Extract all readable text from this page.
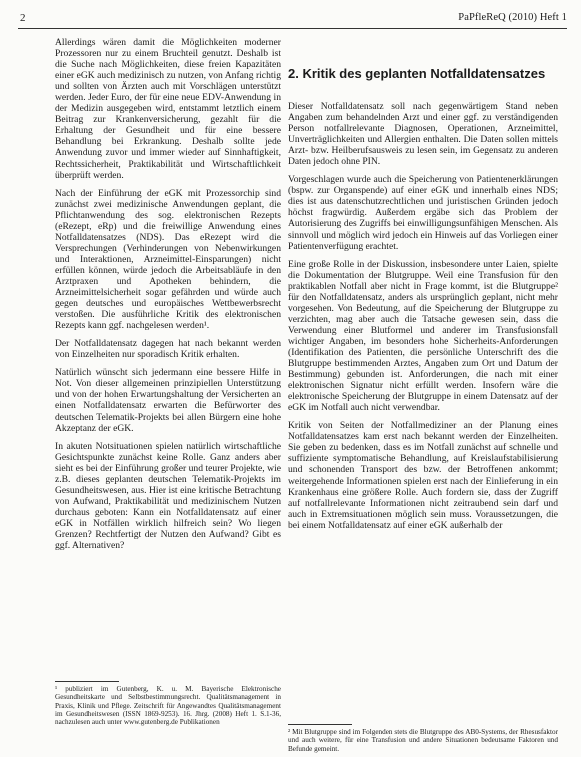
2	PaPfleReQ (2010) Heft 1

Allerdings wären damit die Möglichkeiten moderner Prozessoren nur zu einem Bruchteil genutzt. Deshalb ist die Suche nach Möglichkeiten, diese freien Kapazitäten einer eGK auch medizinisch zu nutzen, von Anfang richtig und sollten von Ärzten auch mit Vorschlägen unterstützt werden. Jeder Euro, der für eine neue EDV-Anwendung in der Medizin ausgegeben wird, entstammt letztlich einem Beitrag zur Krankenversicherung, gezahlt für die Erhaltung der Gesundheit und für eine bessere Behandlung bei Erkrankung. Deshalb sollte jede Anwendung zuvor und immer wieder auf Sinnhaftigkeit, Rechtssicherheit, Praktikabilität und Wirtschaftlichkeit überprüft werden.

Nach der Einführung der eGK mit Prozessorchip sind zunächst zwei medizinische Anwendungen geplant, die Pflichtanwendung des sog. elektronischen Rezepts (eRezept, eRp) und die freiwillige Anwendung eines Notfalldatensatzes (NDS). Das eRezept wird die Versprechungen (Verhinderungen von Nebenwirkungen und Interaktionen, Arzneimittel-Einsparungen) nicht erfüllen können, würde jedoch die Arbeitsabläufe in den Arztpraxen und Apotheken behindern, die Arzneimittelsicherheit sogar gefährden und würde auch gegen deutsches und europäisches Wettbewerbsrecht verstoßen. Die ausführliche Kritik des elektronischen Rezepts kann ggf. nachgelesen werden¹.

Der Notfalldatensatz dagegen hat nach bekannt werden von Einzelheiten nur sporadisch Kritik erhalten.

Natürlich wünscht sich jedermann eine bessere Hilfe in Not. Von dieser allgemeinen prinzipiellen Unterstützung und von der hohen Erwartungshaltung der Versicherten an einen Notfalldatensatz erwarten die Befürworter des deutschen Telematik-Projekts bei allen Bürgern eine hohe Akzeptanz der eGK.

In akuten Notsituationen spielen natürlich wirtschaftliche Gesichtspunkte zunächst keine Rolle. Ganz anders aber sieht es bei der Einführung großer und teurer Projekte, wie z.B. dieses geplanten deutschen Telematik-Projekts im Gesundheitswesen, aus. Hier ist eine kritische Betrachtung von Aufwand, Praktikabilität und medizinischem Nutzen durchaus geboten: Kann ein Notfalldatensatz auf einer eGK in Notfällen wirklich hilfreich sein? Wo liegen Grenzen? Rechtfertigt der Nutzen den Aufwand? Gibt es ggf. Alternativen?

¹ publiziert im Gutenberg, K. u. M. Bayerische Elektronische Gesundheitskarte und Selbstbestimmungsrecht. Qualitätsmanagement in Praxis, Klinik und Pflege. Zeitschrift für Angewandtes Qualitätsmanagement im Gesundheitswesen (ISSN 1869-9253). 16. Jhrg. (2008) Heft 1. S.1-36, nachzulesen auch unter www.gutenberg.de Publikationen

2. Kritik des geplanten Notfalldatensatzes

Dieser Notfalldatensatz soll nach gegenwärtigem Stand neben Angaben zum behandelnden Arzt und einer ggf. zu verständigenden Person notfallrelevante Diagnosen, Operationen, Arzneimittel, Unverträglichkeiten und Allergien enthalten. Die Daten sollen mittels Arzt- bzw. Heilberufsausweis zu lesen sein, im Gegensatz zu anderen Daten jedoch ohne PIN.

Vorgeschlagen wurde auch die Speicherung von Patientenerklärungen (bspw. zur Organspende) auf einer eGK und innerhalb eines NDS; dies ist aus datenschutzrechtlichen und juristischen Gründen jedoch höchst fragwürdig. Außerdem ergäbe sich das Problem der Autorisierung des Zugriffs bei einwilligungsunfähigen Menschen. Als sinnvoll und möglich wird jedoch ein Hinweis auf das Vorliegen einer Patientenverfügung erachtet.

Eine große Rolle in der Diskussion, insbesondere unter Laien, spielte die Dokumentation der Blutgruppe. Weil eine Transfusion für den praktikablen Notfall aber nicht in Frage kommt, ist die Blutgruppe² für den Notfalldatensatz, anders als ursprünglich geplant, nicht mehr vorgesehen. Von Bedeutung, auf die Speicherung der Blutgruppe zu verzichten, mag aber auch die Tatsache gewesen sein, dass die Verwendung einer Blutformel und anderer im Transfusionsfall wichtiger Angaben, im besonders hohe Sicherheits-Anforderungen (Identifikation des Patienten, die persönliche Unterschrift des die Blutgruppe bestimmenden Arztes, Angaben zum Ort und Datum der Bestimmung) gebunden ist. Anforderungen, die nach mit einer elektronischen Signatur nicht erfüllt werden. Insofern wäre die elektronische Speicherung der Blutgruppe in einem Datensatz auf der eGK im Notfall auch nicht verwendbar.

Kritik von Seiten der Notfallmediziner an der Planung eines Notfalldatensatzes kam erst nach bekannt werden der Einzelheiten. Sie geben zu bedenken, dass es im Notfall zunächst auf schnelle und suffiziente symptomatische Behandlung, auf Kreislaufstabilisierung und schonenden Transport des bzw. der Betroffenen ankommt; weitergehende Informationen spielen erst nach der Einlieferung in ein Krankenhaus eine größere Rolle. Auch fordern sie, dass der Zugriff auf notfallrelevante Informationen nicht zeitraubend sein darf und auch in Extremsituationen möglich sein muss. Voraussetzungen, die bei einem Notfalldatensatz auf einer eGK außerhalb der

² Mit Blutgruppe sind im Folgenden stets die Blutgruppe des AB0-Systems, der Rhesusfaktor und auch weitere, für eine Transfusion und andere Situationen bedeutsame Faktoren und Befunde gemeint.
